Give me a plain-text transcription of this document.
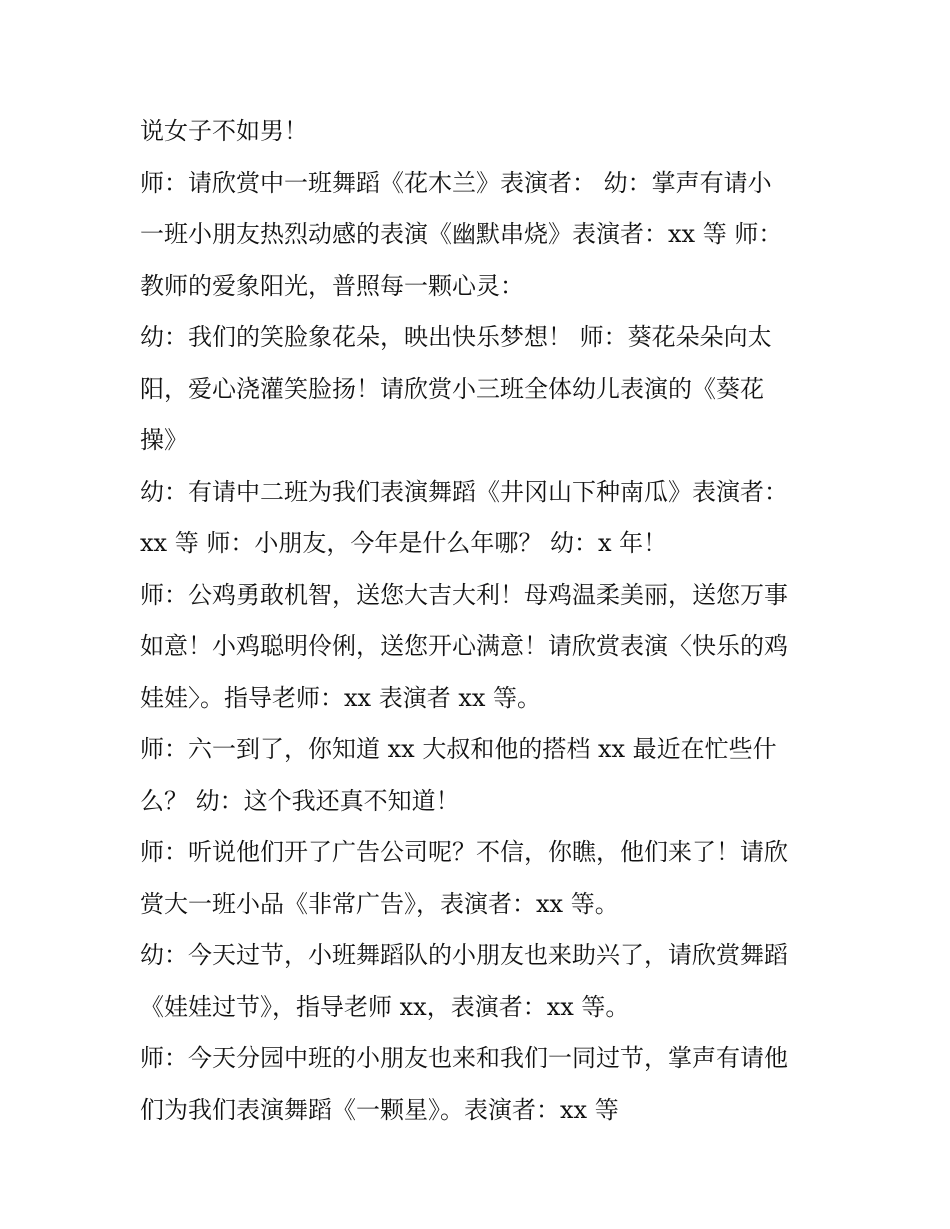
说女子不如男！
师：请欣赏中一班舞蹈《花木兰》表演者： 幼：掌声有请小
一班小朋友热烈动感的表演《幽默串烧》表演者：xx 等 师：
教师的爱象阳光，普照每一颗心灵：
幼：我们的笑脸象花朵，映出快乐梦想！ 师：葵花朵朵向太
阳，爱心浇灌笑脸扬！请欣赏小三班全体幼儿表演的《葵花
操》
幼：有请中二班为我们表演舞蹈《井冈山下种南瓜》表演者：
xx 等 师：小朋友，今年是什么年哪？ 幼：x 年！
师：公鸡勇敢机智，送您大吉大利！母鸡温柔美丽，送您万事
如意！小鸡聪明伶俐，送您开心满意！请欣赏表演〈快乐的鸡
娃娃〉。指导老师：xx 表演者 xx 等。
师：六一到了，你知道 xx 大叔和他的搭档 xx 最近在忙些什
么？ 幼：这个我还真不知道！
师：听说他们开了广告公司呢？不信，你瞧，他们来了！请欣
赏大一班小品《非常广告》，表演者：xx 等。
幼：今天过节，小班舞蹈队的小朋友也来助兴了，请欣赏舞蹈
《娃娃过节》，指导老师 xx，表演者：xx 等。
师：今天分园中班的小朋友也来和我们一同过节，掌声有请他
们为我们表演舞蹈《一颗星》。表演者：xx 等
